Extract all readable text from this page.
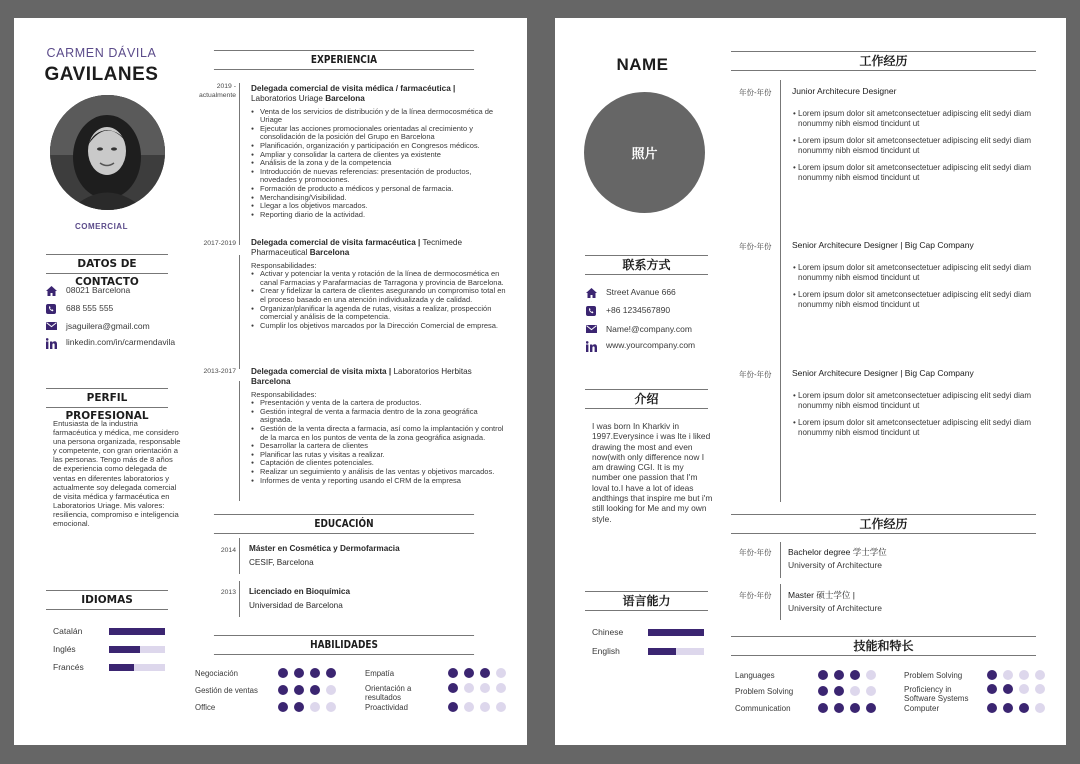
CARMEN DÁVILA
GAVILANES
COMERCIAL
DATOS DE CONTACTO
08021 Barcelona
688 555 555
jsaguilera@gmail.com
linkedin.com/in/carmendavila
PERFIL PROFESIONAL
Entusiasta de la industria farmacéutica y médica, me considero una persona organizada, responsable y competente, con gran orientación a las personas. Tengo más de 8 años de experiencia como delegada de ventas en diferentes laboratorios y actualmente soy delegada comercial de visita médica y farmacéutica en Laboratorios Uriage. Mis valores: resiliencia, compromiso e inteligencia emocional.
IDIOMAS
Catalán
Inglés
Francés
EXPERIENCIA
2019 -
actualmente
Delegada comercial de visita médica / farmacéutica |
Laboratorios Uriage Barcelona
● Venta de los servicios de distribución y de la línea dermocosmética de Uriage
● Ejecutar las acciones promocionales orientadas al crecimiento y consolidación de la posición del Grupo en Barcelona
● Planificación, organización y participación en Congresos médicos.
● Ampliar y consolidar la cartera de clientes ya existente
● Análisis de la zona y de la competencia
● Introducción de nuevas referencias: presentación de productos, novedades y promociones.
● Formación de producto a médicos y personal de farmacia.
● Merchandising/Visibilidad.
● Llegar a los objetivos marcados.
● Reporting diario de la actividad.
2017-2019 Delegada comercial de visita farmacéutica | Tecnimede Pharmaceutical Barcelona
Responsabilidades:
● Activar y potenciar la venta y rotación de la línea de dermocosmética en canal Farmacias y Parafarmacias de Tarragona y provincia de Barcelona.
● Crear y fidelizar la cartera de clientes asegurando un compromiso total en el proceso basado en una atención individualizada y de calidad.
● Organizar/planificar la agenda de rutas, visitas a realizar, prospección comercial y análisis de la competencia.
● Cumplir los objetivos marcados por la Dirección Comercial de empresa.
2013-2017 Delegada comercial de visita mixta | Laboratorios Herbitas Barcelona
Responsabilidades:
● Presentación y venta de la cartera de productos.
● Gestión integral de venta a farmacia dentro de la zona geográfica asignada.
● Gestión de la venta directa a farmacia, así como la implantación y control de la marca en los puntos de venta de la zona geográfica asignada.
● Desarrollar la cartera de clientes
● Planificar las rutas y visitas a realizar.
● Captación de clientes potenciales.
● Realizar un seguimiento y análisis de las ventas y objetivos marcados.
● Informes de venta y reporting usando el CRM de la empresa
EDUCACIÓN
2014 Máster en Cosmética y Dermofarmacia
CESIF, Barcelona
2013 Licenciado en Bioquímica
Universidad de Barcelona
HABILIDADES
Negociación	Empatía
Gestión de ventas	Orientación a resultados
Office	Proactividad
NAME
照片
联系方式
Street Avanue 666
+86 1234567890
Name!@company.com
www.yourcompany.com
介绍
I was born In Kharkiv in 1997.Everysince i was lte i liked drawing the most and even now(with only difference now I am drawing CGI. It is my number one passion that I'm loval to.I have a lot of ideas andthings that inspire me but i'm still looking for Me and my own style.
语言能力
Chinese
English
工作经历
年份-年份 Junior Architecure Designer
• Lorem ipsum dolor sit ametconsectetuer adipiscing elit sedyi diam nonummy nibh eismod tincidunt ut
• Lorem ipsum dolor sit ametconsectetuer adipiscing elit sedyi diam nonummy nibh eismod tincidunt ut
• Lorem ipsum dolor sit ametconsectetuer adipiscing elit sedyi diam nonummy nibh eismod tincidunt ut
年份-年份 Senior Architecure Designer | Big Cap Company
• Lorem ipsum dolor sit ametconsectetuer adipiscing elit sedyi diam nonummy nibh eismod tincidunt ut
• Lorem ipsum dolor sit ametconsectetuer adipiscing elit sedyi diam nonummy nibh eismod tincidunt ut
年份-年份 Senior Architecure Designer | Big Cap Company
• Lorem ipsum dolor sit ametconsectetuer adipiscing elit sedyi diam nonummy nibh eismod tincidunt ut
• Lorem ipsum dolor sit ametconsectetuer adipiscing elit sedyi diam nonummy nibh eismod tincidunt ut
工作经历
年份-年份 Bachelor degree 学士学位
University of Architecture
年份-年份 Master 硕士学位 |
University of Architecture
技能和特长
Languages	Problem Solving
Problem Solving	Proficiency in Software Systems
Communication	Computer
